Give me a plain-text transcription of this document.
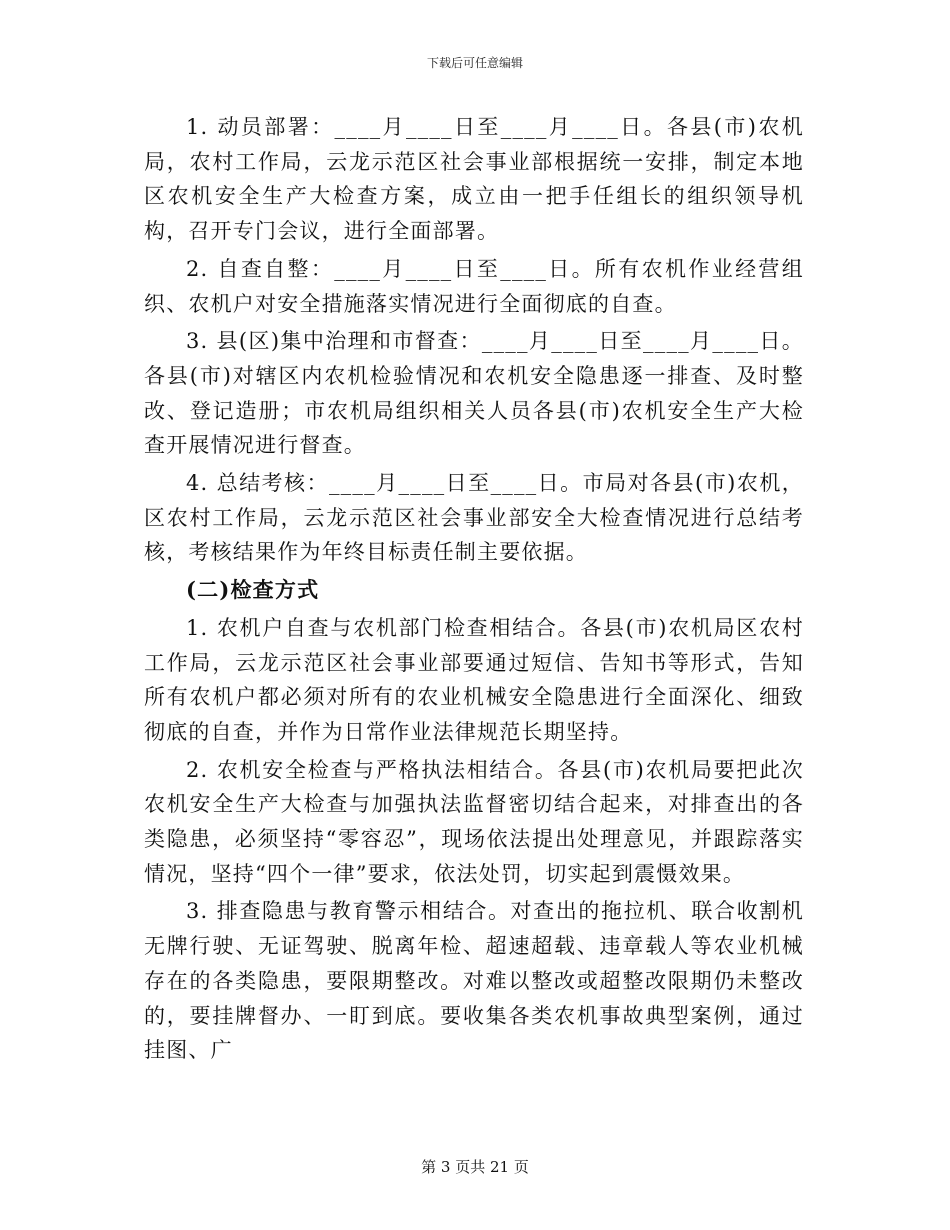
下载后可任意编辑

1. 动员部署：____月____日至____月____日。各县(市)农机局，农村工作局，云龙示范区社会事业部根据统一安排，制定本地区农机安全生产大检查方案，成立由一把手任组长的组织领导机构，召开专门会议，进行全面部署。

2. 自查自整：____月____日至____日。所有农机作业经营组织、农机户对安全措施落实情况进行全面彻底的自查。

3. 县(区)集中治理和市督查：____月____日至____月____日。各县(市)对辖区内农机检验情况和农机安全隐患逐一排查、及时整改、登记造册；市农机局组织相关人员各县(市)农机安全生产大检查开展情况进行督查。

4. 总结考核：____月____日至____日。市局对各县(市)农机，区农村工作局，云龙示范区社会事业部安全大检查情况进行总结考核，考核结果作为年终目标责任制主要依据。

(二)检查方式

1. 农机户自查与农机部门检查相结合。各县(市)农机局区农村工作局，云龙示范区社会事业部要通过短信、告知书等形式，告知所有农机户都必须对所有的农业机械安全隐患进行全面深化、细致彻底的自查，并作为日常作业法律规范长期坚持。

2. 农机安全检查与严格执法相结合。各县(市)农机局要把此次农机安全生产大检查与加强执法监督密切结合起来，对排查出的各类隐患，必须坚持“零容忍”，现场依法提出处理意见，并跟踪落实情况，坚持“四个一律”要求，依法处罚，切实起到震慑效果。

3. 排查隐患与教育警示相结合。对查出的拖拉机、联合收割机无牌行驶、无证驾驶、脱离年检、超速超载、违章载人等农业机械存在的各类隐患，要限期整改。对难以整改或超整改限期仍未整改的，要挂牌督办、一盯到底。要收集各类农机事故典型案例，通过挂图、广

第 3 页共 21 页
